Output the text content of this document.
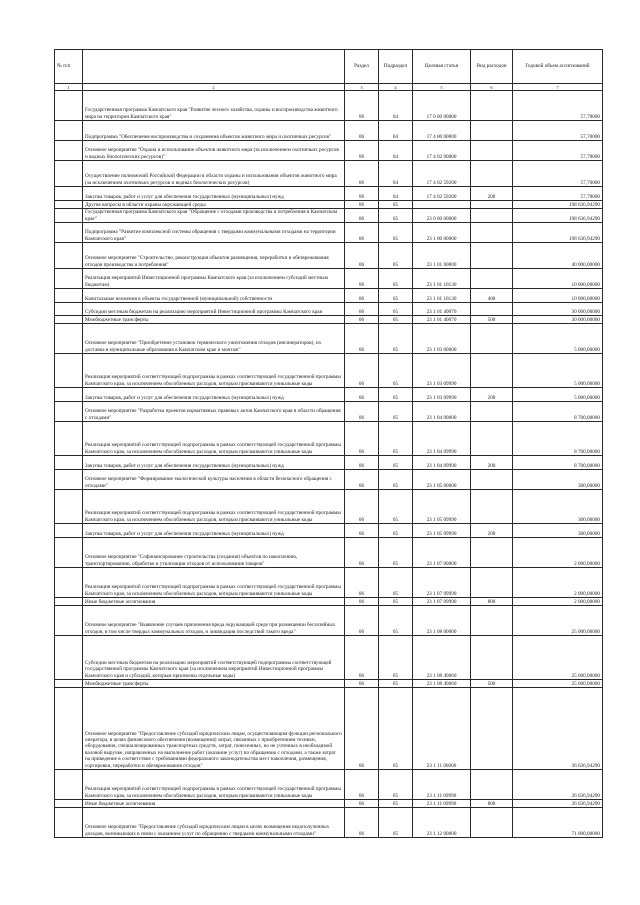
№ п/п		Раздел	Подраздел	Целевая статья	Вид расходов	Годовой объем ассигнований
1	2	3	4	5	6	7
	Государственная программа Камчатского края "Развитие лесного хозяйства, охраны и воспроизводства животного мира на территории Камчатского края"	06	04	17 0 00 00000		57,70000
	Подпрограмма "Обеспечение воспроизводства и сохранения объектов животного мира и охотничьих ресурсов"	06	04	17 4 00 00000		57,70000
	Основное мероприятие "Охрана и использование объектов животного мира (за исключением охотничьих ресурсов и водных биологических ресурсов)"	06	04	17 4 02 00000		57,70000
	Осуществление полномочий Российской Федерации в области охраны и использования объектов животного мира (за исключением охотничьих ресурсов и водных биологических ресурсов)	06	04	17 4 02 59200		57,70000
	Закупка товаров, работ и услуг для обеспечения государственных (муниципальных) нужд	06	04	17 4 02 59200	200	57,70000
	Другие вопросы в области охраны окружающей среды	06	05			198 636,94290
	Государственная программа Камчатского края "Обращение с отходами производства и потребления в Камчатском крае"	06	05	23 0 00 00000		198 636,94290
	Подпрограмма "Развитие комплексной системы обращения с твердыми коммунальными отходами на территории Камчатского края"	06	05	23 1 00 00000		198 636,94290
	Основное мероприятие "Строительство, реконструкция объектов размещения, переработки и обезвреживания отходов производства и потребления"	06	05	23 1 01 00000		40 000,00000
	Реализация мероприятий Инвестиционной программы Камчатского края (за исключением субсидий местным бюджетам)	06	05	23 1 01 10130		10 000,00000
	Капитальные вложения в объекты государственной (муниципальной) собственности	06	05	23 1 01 10130	400	10 000,00000
	Субсидии местным бюджетам на реализацию мероприятий Инвестиционной программы Камчатского края	06	05	23 1 01 40070		30 000,00000
	Межбюджетные трансферты	06	05	23 1 01 40070	500	30 000,00000
	Основное мероприятие "Приобретение установок термического уничтожения отходов (инсинераторов), их доставка в муниципальные образования в Камчатском крае и монтаж"	06	05	23 1 03 00000		5 000,00000
	Реализация мероприятий соответствующей подпрограммы в рамках соответствующей государственной программы Камчатского края, за исключением обособленных расходов, которым присваиваются уникальные коды	06	05	23 1 03 09990		5 000,00000
	Закупка товаров, работ и услуг для обеспечения государственных (муниципальных) нужд	06	05	23 1 03 09990	200	5 000,00000
	Основное мероприятие "Разработка проектов нормативных правовых актов Камчатского края в области обращения с отходами"	06	05	23 1 04 00000		8 700,00000
	Реализация мероприятий соответствующей подпрограммы в рамках соответствующей государственной программы Камчатского края, за исключением обособленных расходов, которым присваиваются уникальные коды	06	05	23 1 04 09990		8 700,00000
	Закупка товаров, работ и услуг для обеспечения государственных (муниципальных) нужд	06	05	23 1 04 09990	200	8 700,00000
	Основное мероприятие "Формирование экологической культуры населения в области безопасного обращения с отходами"	06	05	23 1 05 00000		300,00000
	Реализация мероприятий соответствующей подпрограммы в рамках соответствующей государственной программы Камчатского края, за исключением обособленных расходов, которым присваиваются уникальные коды	06	05	23 1 05 09990		300,00000
	Закупка товаров, работ и услуг для обеспечения государственных (муниципальных) нужд	06	05	23 1 05 09990	200	300,00000
	Основное мероприятие "Софинансирование строительства (создания) объектов по накоплению, транспортированию, обработке и утилизации отходов от использования товаров"	06	05	23 1 07 00000		2 000,00000
	Реализация мероприятий соответствующей подпрограммы в рамках соответствующей государственной программы Камчатского края, за исключением обособленных расходов, которым присваиваются уникальные коды	06	05	23 1 07 09990		2 000,00000
	Иные бюджетные ассигнования	06	05	23 1 07 09990	800	2 000,00000
	Основное мероприятие "Выявление случаев причинения вреда окружающей среде при размещении бесхозяйных отходов, в том числе твердых коммунальных отходов, и ликвидация последствий такого вреда"	06	05	23 1 08 00000		25 000,00000
	Субсидии местным бюджетам на реализацию мероприятий соответствующей подпрограммы соответствующей государственной программы Камчатского края (за исключением мероприятий Инвестиционной программы Камчатского края и субсидий, которым присвоены отдельные коды)	06	05	23 1 08 40060		25 000,00000
	Межбюджетные трансферты	06	05	23 1 08 40060	500	25 000,00000
	Основное мероприятие "Предоставление субсидий юридическим лицам, осуществляющим функции регионального оператора, в целях финансового обеспечения (возмещения) затрат, связанных с приобретением техники, оборудования, специализированных транспортных средств, затрат, понесенных, но не учтенных в необходимой валовой выручке, направленных на выполнение работ (оказание услуг) по обращению с отходами, а также затрат на приведение в соответствие с требованиями федерального законодательства мест накопления, размещения, сортировки, переработки и обезвреживания отходов"	06	05	23 1 11 00000		36 636,94290
	Реализация мероприятий соответствующей подпрограммы в рамках соответствующей государственной программы Камчатского края, за исключением обособленных расходов, которым присваиваются уникальные коды	06	05	23 1 11 09990		36 636,94290
	Иные бюджетные ассигнования	06	05	23 1 11 09990	800	36 636,94290
	Основное мероприятие "Предоставление субсидий юридическим лицам в целях возмещения недополученных доходов, возникающих в связи с оказанием услуг по обращению с твердыми коммунальными отходами"	06	05	23 1 12 00000		71 000,00000
